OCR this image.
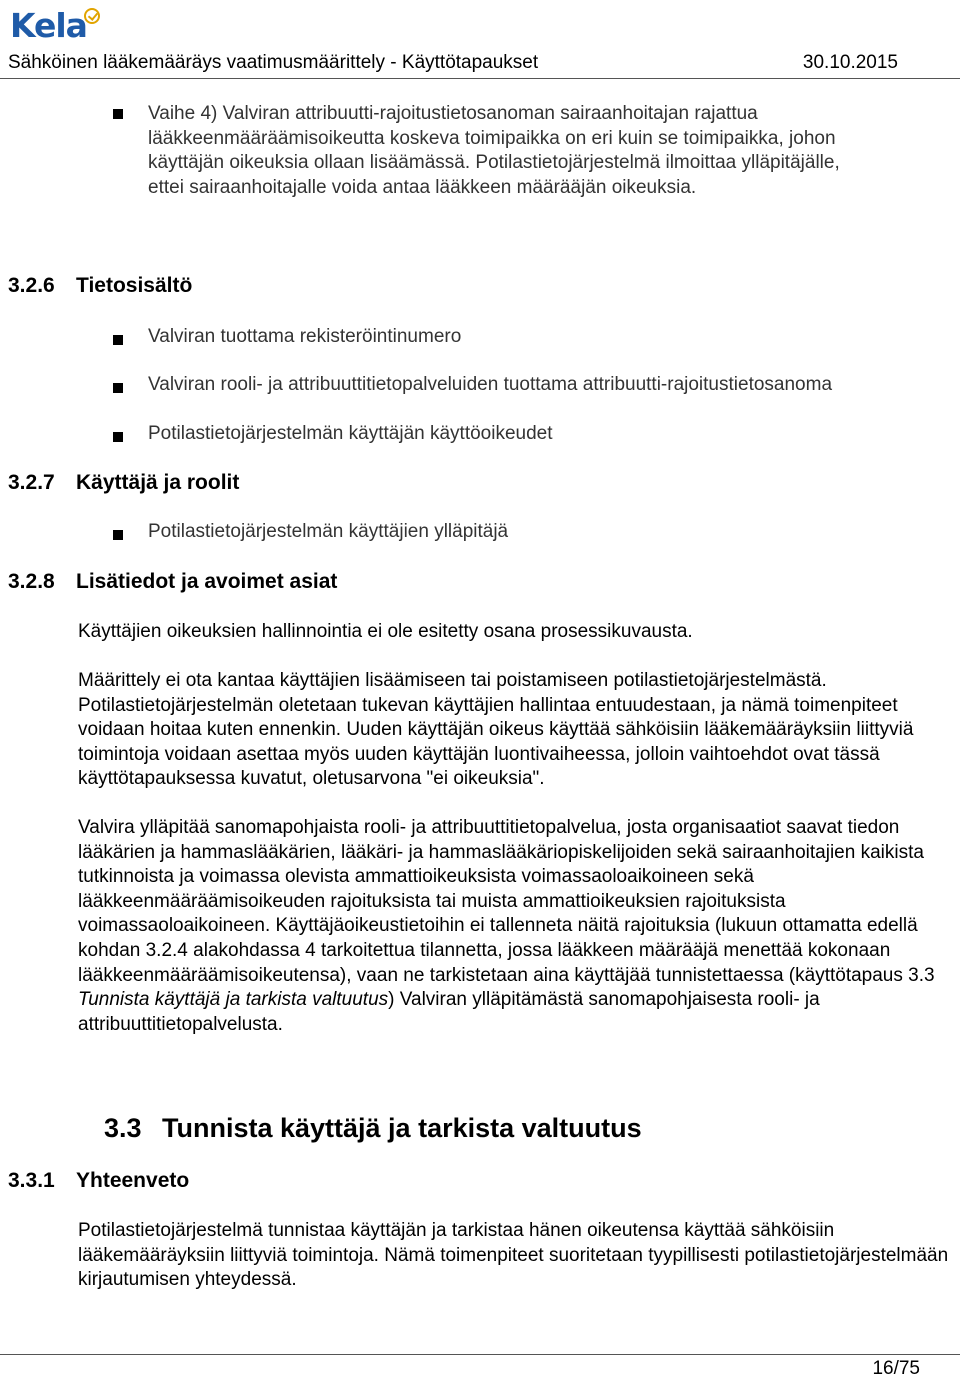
Kela
Sähköinen lääkemääräys vaatimusmäärittely - Käyttötapaukset	30.10.2015
Vaihe 4) Valviran attribuutti-rajoitustietosanoman sairaanhoitajan rajattua
lääkkeenmääräämisoikeutta koskeva toimipaikka on eri kuin se toimipaikka, johon
käyttäjän oikeuksia ollaan lisäämässä. Potilastietojärjestelmä ilmoittaa ylläpitäjälle,
ettei sairaanhoitajalle voida antaa lääkkeen määrääjän oikeuksia.
3.2.6 Tietosisältö
Valviran tuottama rekisteröintinumero
Valviran rooli- ja attribuuttitietopalveluiden tuottama attribuutti-rajoitustietosanoma
Potilastietojärjestelmän käyttäjän käyttöoikeudet
3.2.7 Käyttäjä ja roolit
Potilastietojärjestelmän käyttäjien ylläpitäjä
3.2.8 Lisätiedot ja avoimet asiat

Käyttäjien oikeuksien hallinnointia ei ole esitetty osana prosessikuvausta.

Määrittely ei ota kantaa käyttäjien lisäämiseen tai poistamiseen potilastietojärjestelmästä. Potilastietojärjestelmän oletetaan tukevan käyttäjien hallintaa entuudestaan, ja nämä toimenpiteet voidaan hoitaa kuten ennenkin. Uuden käyttäjän oikeus käyttää sähköisiin lääkemääräyksiin liittyviä toimintoja voidaan asettaa myös uuden käyttäjän luontivaiheessa, jolloin vaihtoehdot ovat tässä käyttötapauksessa kuvatut, oletusarvona "ei oikeuksia".

Valvira ylläpitää sanomapohjaista rooli- ja attribuuttitietopalvelua, josta organisaatiot saavat tiedon lääkärien ja hammaslääkärien, lääkäri- ja hammaslääkäriopiskelijoiden sekä sairaanhoitajien kaikista tutkinnoista ja voimassa olevista ammattioikeuksista voimassaoloaikoineen sekä lääkkeenmääräämisoikeuden rajoituksista tai muista ammattioikeuksien rajoituksista voimassaoloaikoineen. Käyttäjäoikeustietoihin ei tallenneta näitä rajoituksia (lukuun ottamatta edellä kohdan 3.2.4 alakohdassa 4 tarkoitettua tilannetta, jossa lääkkeen määrääjä menettää kokonaan lääkkeenmääräämisoikeutensa), vaan ne tarkistetaan aina käyttäjää tunnistettaessa (käyttötapaus 3.3 Tunnista käyttäjä ja tarkista valtuutus) Valviran ylläpitämästä sanomapohjaisesta rooli- ja attribuuttitietopalvelusta.

3.3 Tunnista käyttäjä ja tarkista valtuutus
3.3.1 Yhteenveto

Potilastietojärjestelmä tunnistaa käyttäjän ja tarkistaa hänen oikeutensa käyttää sähköisiin lääkemääräyksiin liittyviä toimintoja. Nämä toimenpiteet suoritetaan tyypillisesti potilastietojärjestelmään kirjautumisen yhteydessä.

16/75
